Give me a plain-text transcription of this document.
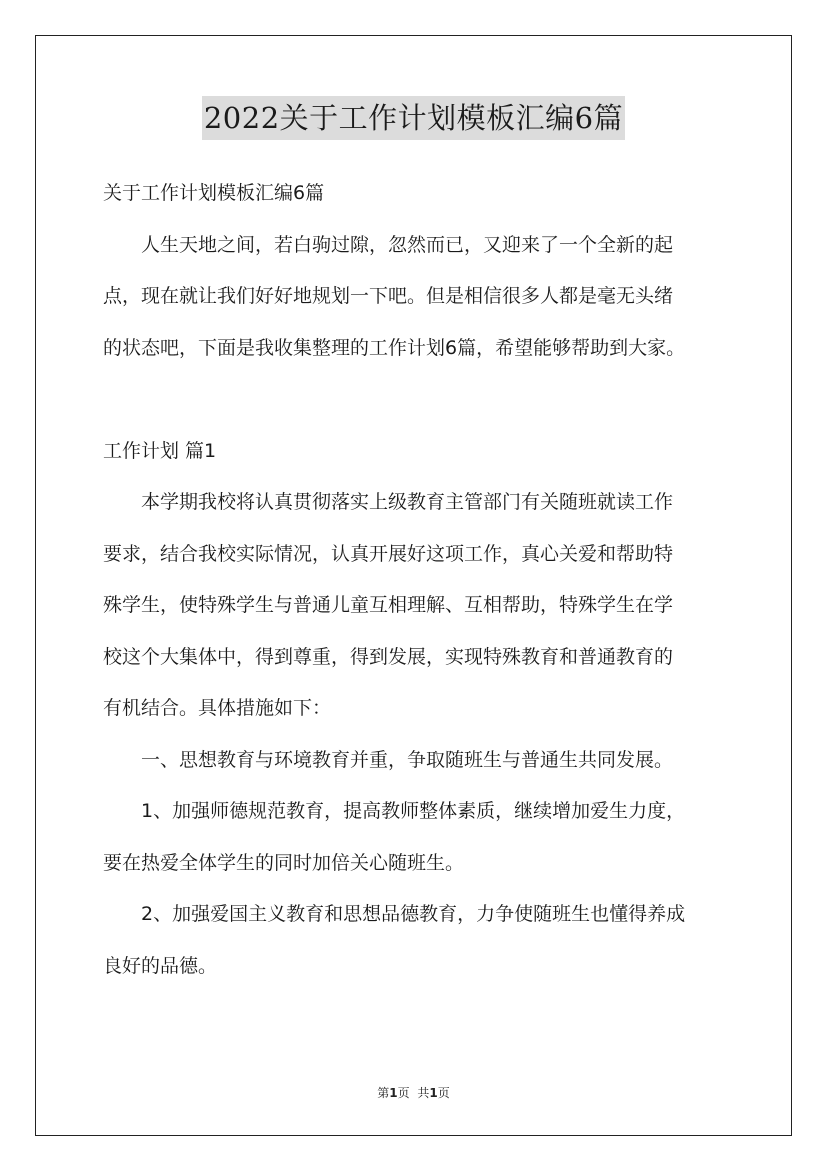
2022关于工作计划模板汇编6篇
关于工作计划模板汇编6篇
人生天地之间，若白驹过隙，忽然而已，又迎来了一个全新的起
点，现在就让我们好好地规划一下吧。但是相信很多人都是毫无头绪
的状态吧，下面是我收集整理的工作计划6篇，希望能够帮助到大家。
工作计划 篇1
本学期我校将认真贯彻落实上级教育主管部门有关随班就读工作
要求，结合我校实际情况，认真开展好这项工作，真心关爱和帮助特
殊学生，使特殊学生与普通儿童互相理解、互相帮助，特殊学生在学
校这个大集体中，得到尊重，得到发展，实现特殊教育和普通教育的
有机结合。具体措施如下：
一、思想教育与环境教育并重，争取随班生与普通生共同发展。
1、加强师德规范教育，提高教师整体素质，继续增加爱生力度，
要在热爱全体学生的同时加倍关心随班生。
2、加强爱国主义教育和思想品德教育，力争使随班生也懂得养成
良好的品德。
第1页 共1页
